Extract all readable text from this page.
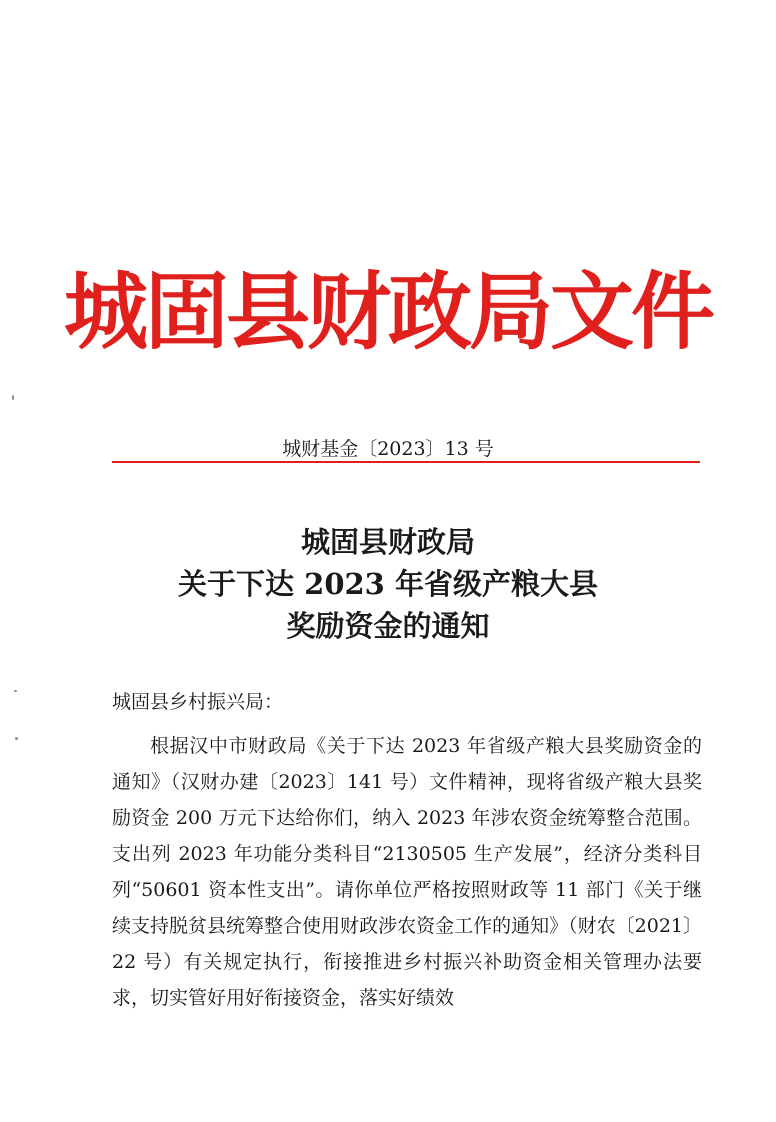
城固县财政局文件
城财基金〔2023〕13 号
城固县财政局
关于下达 2023 年省级产粮大县
奖励资金的通知
城固县乡村振兴局：
根据汉中市财政局《关于下达 2023 年省级产粮大县奖励资金的通知》（汉财办建〔2023〕141 号）文件精神，现将省级产粮大县奖励资金 200 万元下达给你们，纳入 2023 年涉农资金统筹整合范围。支出列 2023 年功能分类科目“2130505 生产发展”，经济分类科目列“50601 资本性支出”。请你单位严格按照财政等 11 部门《关于继续支持脱贫县统筹整合使用财政涉农资金工作的通知》（财农〔2021〕22 号）有关规定执行，衔接推进乡村振兴补助资金相关管理办法要求，切实管好用好衔接资金，落实好绩效
